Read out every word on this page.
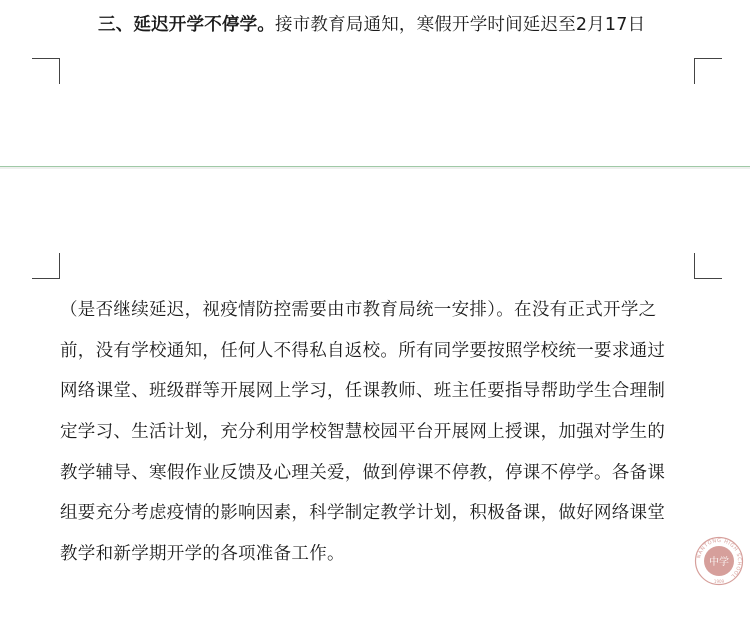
三、延迟开学不停学。接市教育局通知，寒假开学时间延迟至2月17日
（是否继续延迟，视疫情防控需要由市教育局统一安排）。在没有正式开学之
前，没有学校通知，任何人不得私自返校。所有同学要按照学校统一要求通过
网络课堂、班级群等开展网上学习，任课教师、班主任要指导帮助学生合理制
定学习、生活计划，充分利用学校智慧校园平台开展网上授课，加强对学生的
教学辅导、寒假作业反馈及心理关爱，做到停课不停教，停课不停学。各备课
组要充分考虑疫情的影响因素，科学制定教学计划，积极备课，做好网络课堂
教学和新学期开学的各项准备工作。	NANTONG HIGH SCHOOL
中学
1909
